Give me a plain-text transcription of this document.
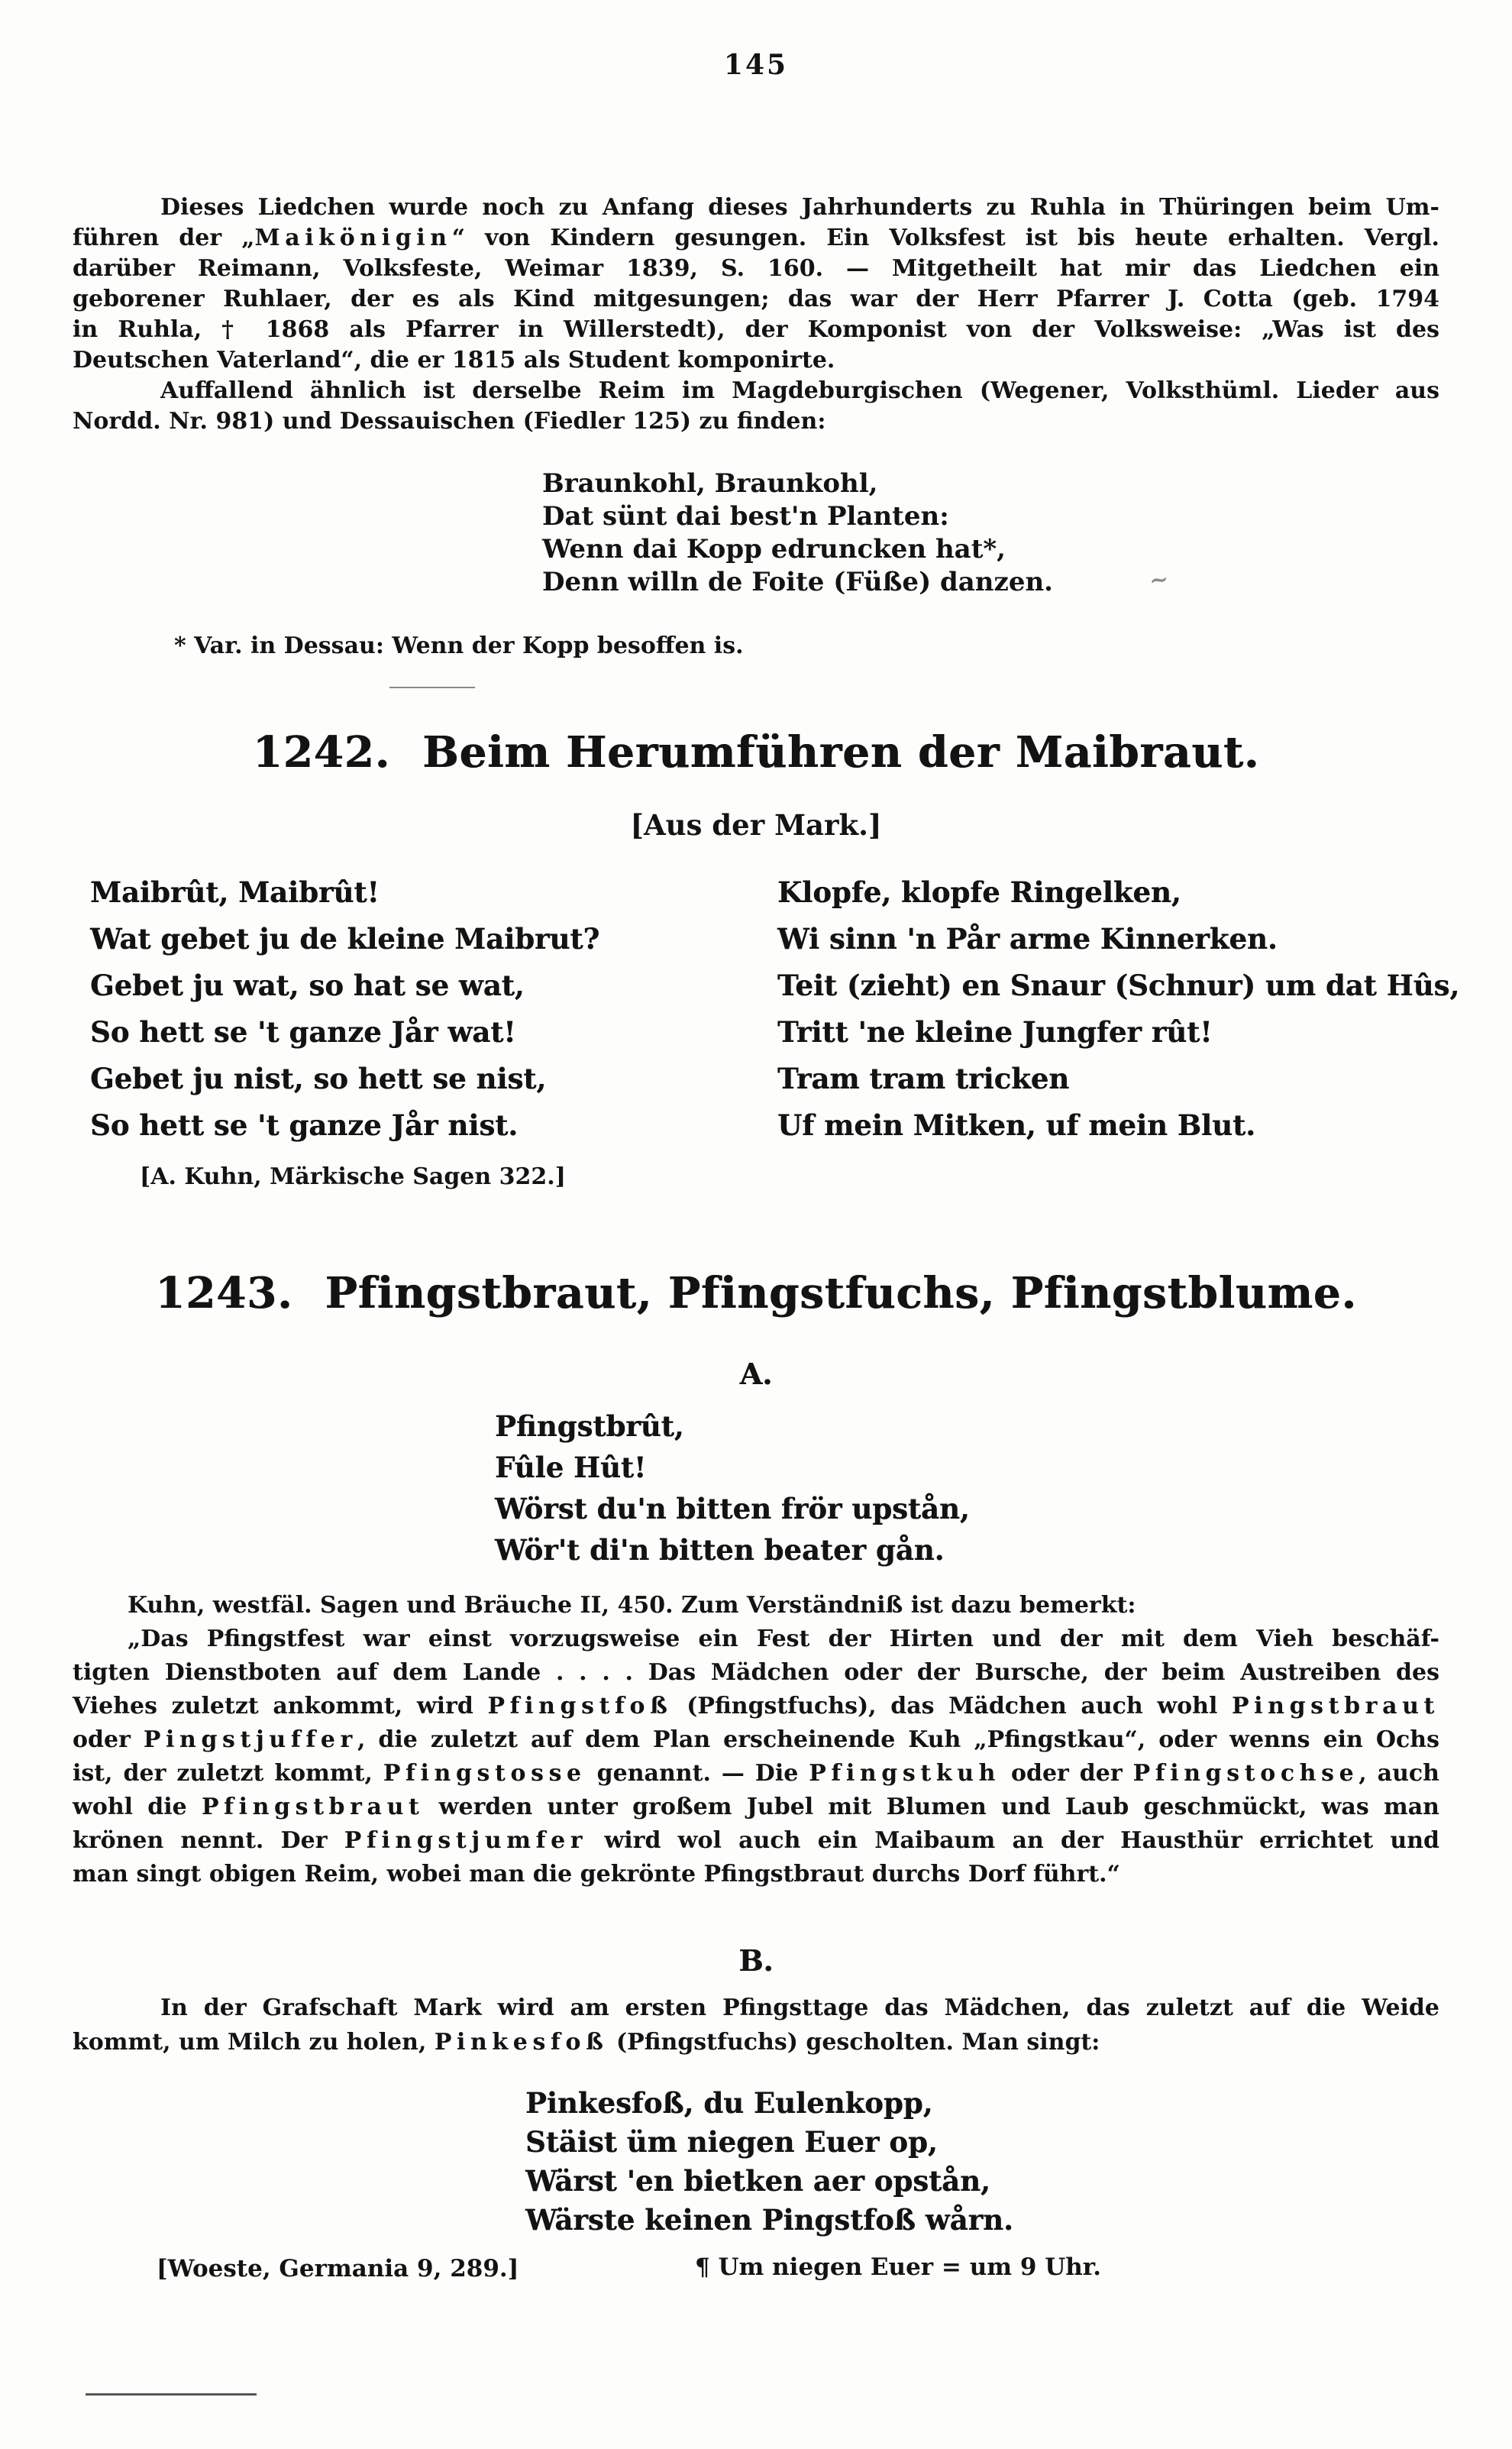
145
Dieses Liedchen wurde noch zu Anfang dieses Jahrhunderts zu Ruhla in Thüringen beim Um-
führen der „Maikönigin“ von Kindern gesungen. Ein Volksfest ist bis heute erhalten. Vergl.
darüber Reimann, Volksfeste, Weimar 1839, S. 160. — Mitgetheilt hat mir das Liedchen ein
geborener Ruhlaer, der es als Kind mitgesungen; das war der Herr Pfarrer J. Cotta (geb. 1794
in Ruhla, † 1868 als Pfarrer in Willerstedt), der Komponist von der Volksweise: „Was ist des
Deutschen Vaterland“, die er 1815 als Student komponirte.
Auffallend ähnlich ist derselbe Reim im Magdeburgischen (Wegener, Volksthüml. Lieder aus
Nordd. Nr. 981) und Dessauischen (Fiedler 125) zu finden:
Braunkohl, Braunkohl,
Dat sünt dai best'n Planten:
Wenn dai Kopp edruncken hat*,
Denn willn de Foite (Füße) danzen.	~
* Var. in Dessau: Wenn der Kopp besoffen is.
1242. Beim Herumführen der Maibraut.
[Aus der Mark.]
Maibrût, Maibrût!
Wat gebet ju de kleine Maibrut?
Gebet ju wat, so hat se wat,
So hett se 't ganze Jår wat!
Gebet ju nist, so hett se nist,
So hett se 't ganze Jår nist.
Klopfe, klopfe Ringelken,
Wi sinn 'n Pår arme Kinnerken.
Teit (zieht) en Snaur (Schnur) um dat Hûs,
Tritt 'ne kleine Jungfer rût!
Tram tram tricken
Uf mein Mitken, uf mein Blut.
[A. Kuhn, Märkische Sagen 322.]
1243. Pfingstbraut, Pfingstfuchs, Pfingstblume.
A.
Pfingstbrût,
Fûle Hût!
Wörst du'n bitten frör upstån,
Wör't di'n bitten beater gån.
Kuhn, westfäl. Sagen und Bräuche II, 450. Zum Verständniß ist dazu bemerkt:
„Das Pfingstfest war einst vorzugsweise ein Fest der Hirten und der mit dem Vieh beschäf-
tigten Dienstboten auf dem Lande . . . . Das Mädchen oder der Bursche, der beim Austreiben des
Viehes zuletzt ankommt, wird Pfingstfoß (Pfingstfuchs), das Mädchen auch wohl Pingstbraut
oder Pingstjuffer, die zuletzt auf dem Plan erscheinende Kuh „Pfingstkau“, oder wenns ein Ochs
ist, der zuletzt kommt, Pfingstosse genannt. — Die Pfingstkuh oder der Pfingstochse, auch
wohl die Pfingstbraut werden unter großem Jubel mit Blumen und Laub geschmückt, was man
krönen nennt. Der Pfingstjumfer wird wol auch ein Maibaum an der Hausthür errichtet und
man singt obigen Reim, wobei man die gekrönte Pfingstbraut durchs Dorf führt.“
B.
In der Grafschaft Mark wird am ersten Pfingsttage das Mädchen, das zuletzt auf die Weide
kommt, um Milch zu holen, Pinkesfoß (Pfingstfuchs) gescholten. Man singt:
Pinkesfoß, du Eulenkopp,
Stäist üm niegen Euer op,
Wärst 'en bietken aer opstån,
Wärste keinen Pingstfoß wårn.
[Woeste, Germania 9, 289.]	¶ Um niegen Euer = um 9 Uhr.
